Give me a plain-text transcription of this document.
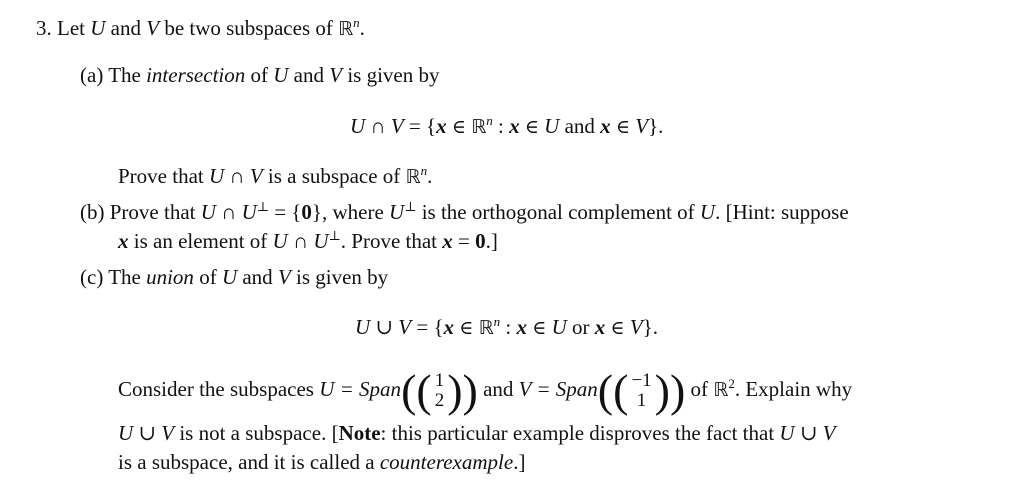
3. Let U and V be two subspaces of ℝ$^n$.
(a) The intersection of U and V is given by
U ∩ V = {x ∈ ℝ$^n$ : x ∈ U and x ∈ V}.
Prove that U ∩ V is a subspace of ℝ$^n$.
(b) Prove that U ∩ U⊥ = {0}, where U⊥ is the orthogonal complement of U. [Hint: suppose
x is an element of U ∩ U⊥. Prove that x = 0.]
(c) The union of U and V is given by
U ∪ V = {x ∈ ℝ$^n$ : x ∈ U or x ∈ V}.
Consider the subspaces U = Span(( 1
2 )) and V = Span(( −1
1 )) of ℝ$^2$. Explain why
U ∪ V is not a subspace. [Note: this particular example disproves the fact that U ∪ V
is a subspace, and it is called a counterexample.]
